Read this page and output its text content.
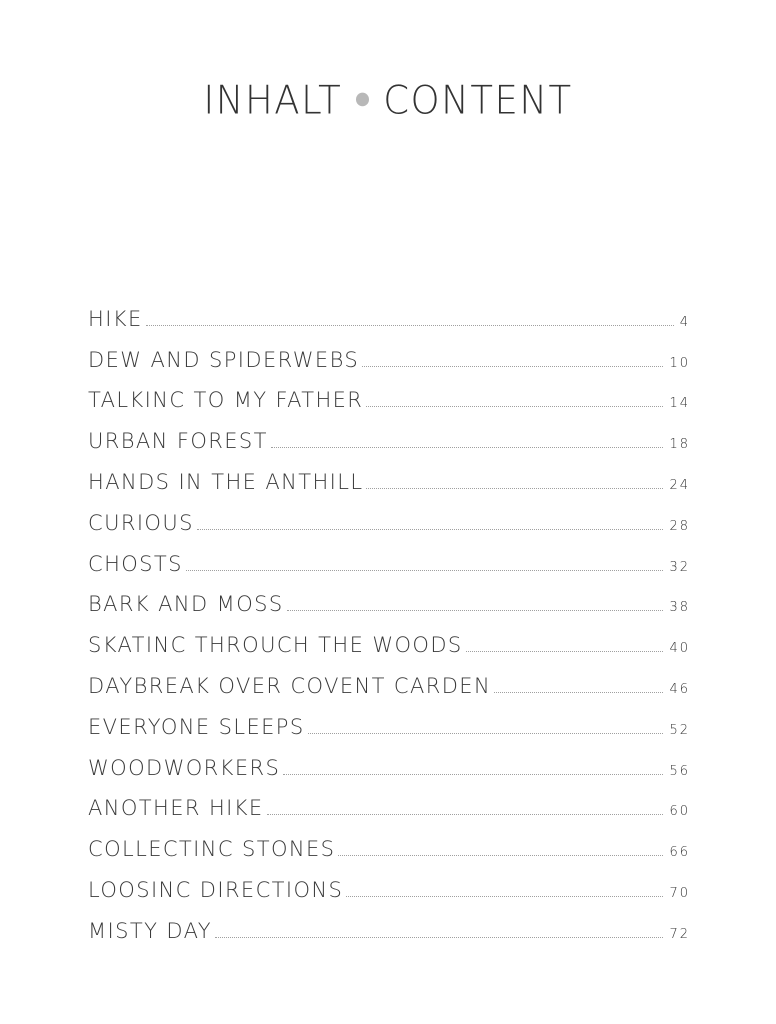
INHALT CONTENT
HIKE	4
DEW AND SPIDERWEBS	10
TALKINC TO MY FATHER	14
URBAN FOREST	18
HANDS IN THE ANTHILL	24
CURIOUS	28
CHOSTS	32
BARK AND MOSS	38
SKATINC THROUCH THE WOODS	40
DAYBREAK OVER COVENT CARDEN	46
EVERYONE SLEEPS	52
WOODWORKERS	56
ANOTHER HIKE	60
COLLECTINC STONES	66
LOOSINC DIRECTIONS	70
MISTY DAY	72
